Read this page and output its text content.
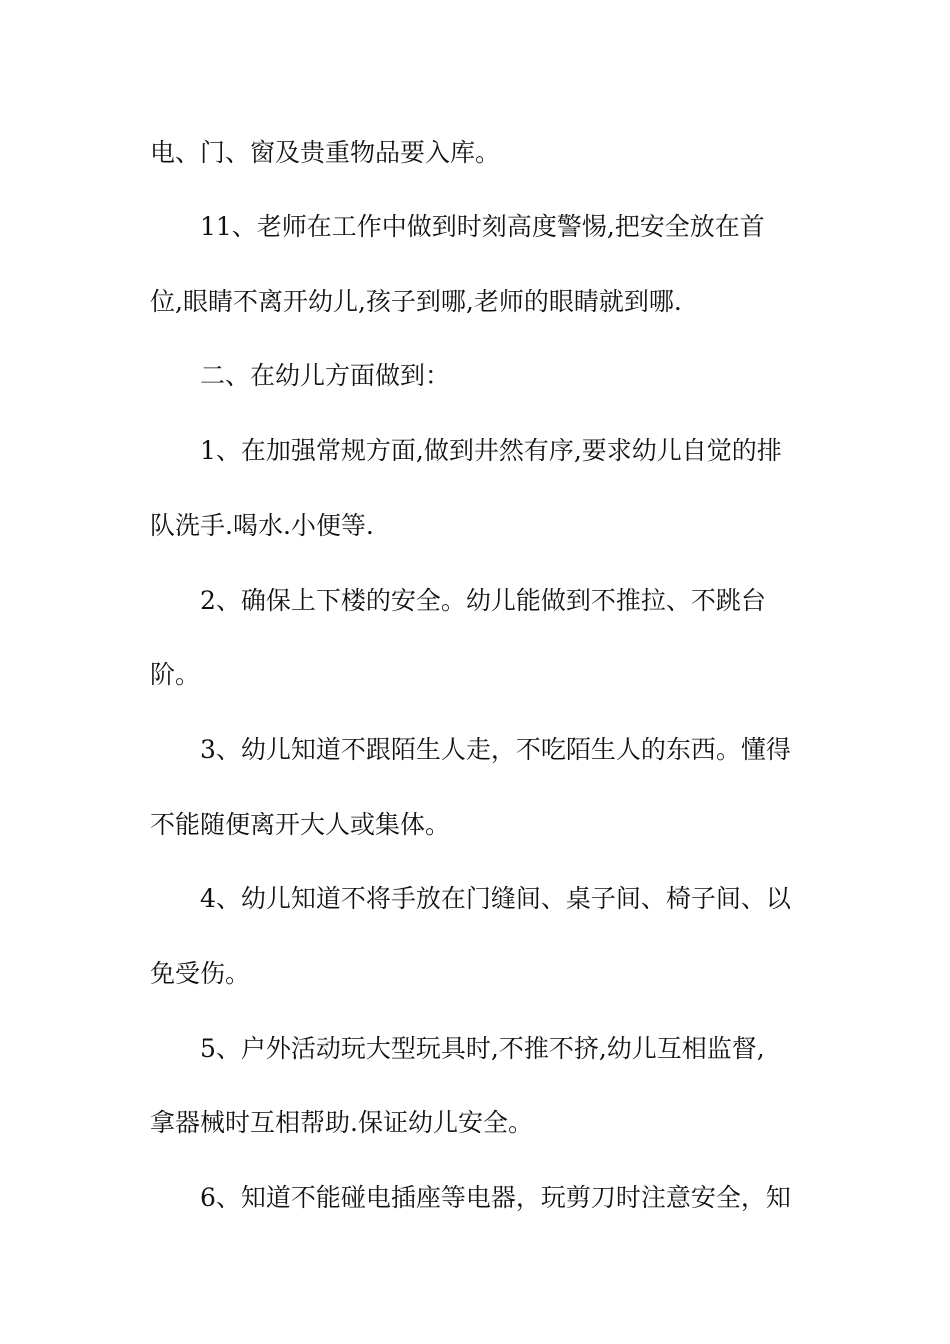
电、门、窗及贵重物品要入库。
11、老师在工作中做到时刻高度警惕,把安全放在首
位,眼睛不离开幼儿,孩子到哪,老师的眼睛就到哪.
二、在幼儿方面做到：
1、在加强常规方面,做到井然有序,要求幼儿自觉的排
队洗手.喝水.小便等.
2、确保上下楼的安全。幼儿能做到不推拉、不跳台
阶。
3、幼儿知道不跟陌生人走，不吃陌生人的东西。懂得
不能随便离开大人或集体。
4、幼儿知道不将手放在门缝间、桌子间、椅子间、以
免受伤。
5、户外活动玩大型玩具时,不推不挤,幼儿互相监督,
拿器械时互相帮助.保证幼儿安全。
6、知道不能碰电插座等电器，玩剪刀时注意安全，知
